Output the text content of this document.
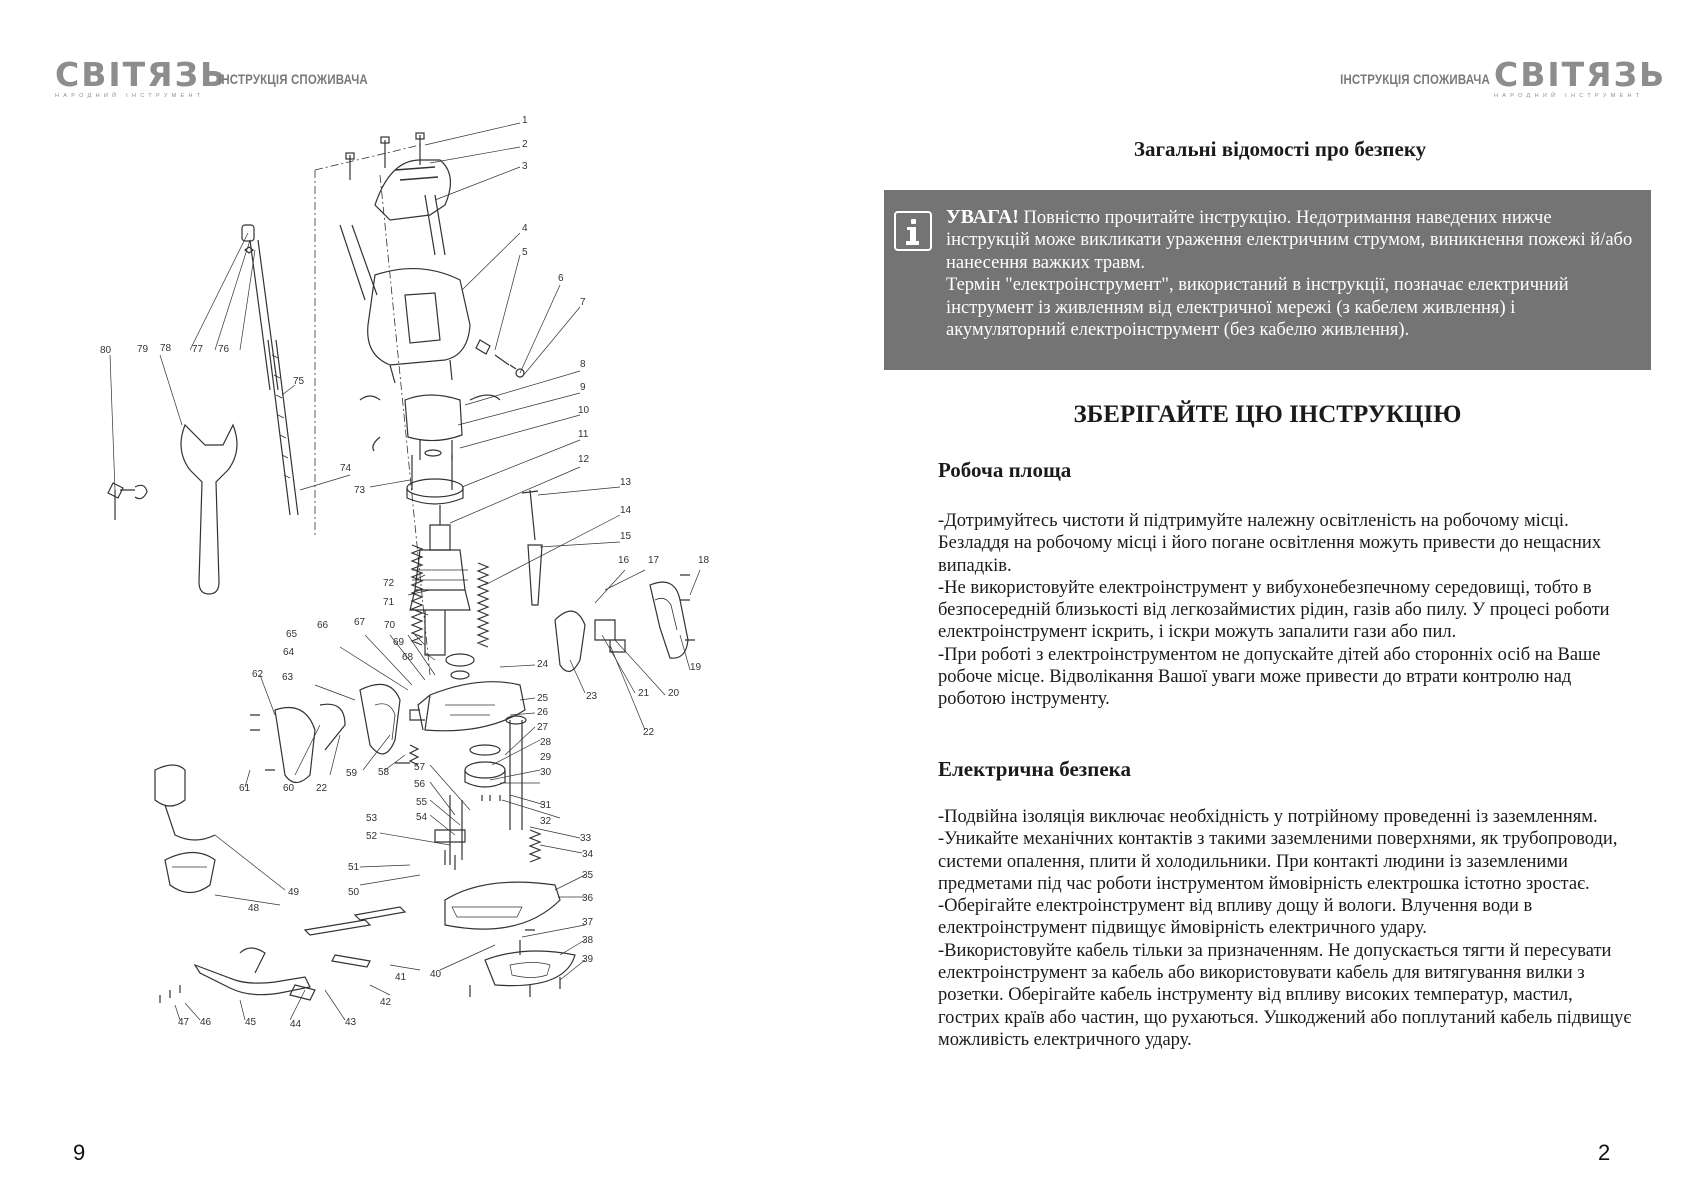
СВІТЯЗЬ
НАРОДНИЙ ІНСТРУМЕНТ
ІНСТРУКЦІЯ СПОЖИВАЧА	ІНСТРУКЦІЯ СПОЖИВАЧА СВІТЯЗЬ
НАРОДНИЙ ІНСТРУМЕНТ
1
2
3
4
5
6
7
8
9
10
11
12
13
14
15
16 17	18
19
20
21
22
23
24
25
26
27
28
29
30
31
32
33
34
35
36
37
38
39
40
41
42
43
44
45
46
47
48
49	50
51
52
53	54
55
56
57
58
59
22
60
61
62 63
64
65
66	67
68
69
70
71
72
73
74
75
76
77
78
79
80
9
Загальні відомості про безпеку

УВАГА! Повністю прочитайте інструкцію. Недотримання наведених нижче інструкцій може викликати ураження електричним струмом, виникнення пожежі й/або нанесення важких травм.

Термін "електроінструмент", використаний в інструкції, позначає електричний інструмент із живленням від електричної мережі (з кабелем живлення) і акумуляторний електроінструмент (без кабелю живлення).

ЗБЕРІГАЙТЕ ЦЮ ІНСТРУКЦІЮ
Робоча площа

-Дотримуйтесь чистоти й підтримуйте належну освітленість на робочому місці. Безладдя на робочому місці і його погане освітлення можуть привести до нещасних випадків.

-Не використовуйте електроінструмент у вибухонебезпечному середовищі, тобто в безпосередній близькості від легкозаймистих рідин, газів або пилу. У процесі роботи електроінструмент іскрить, і іскри можуть запалити гази або пил.

-При роботі з електроінструментом не допускайте дітей або сторонніх осіб на Ваше робоче місце. Відволікання Вашої уваги може привести до втрати контролю над роботою інструменту.

Електрична безпека

-Подвійна ізоляція виключає необхідність у потрійному проведенні із заземленням.

-Уникайте механічних контактів з такими заземленими поверхнями, як трубопроводи, системи опалення, плити й холодильники. При контакті людини із заземленими предметами під час роботи інструментом ймовірність електрошка істотно зростає.

-Оберігайте електроінструмент від впливу дощу й вологи. Влучення води в електроінструмент підвищує ймовірність електричного удару.

-Використовуйте кабель тільки за призначенням. Не допускається тягти й пересувати електроінструмент за кабель або використовувати кабель для витягування вилки з розетки. Оберігайте кабель інструменту від впливу високих температур, мастил, гострих країв або частин, що рухаються. Ушкоджений або поплутаний кабель підвищує можливість електричного удару.

2
